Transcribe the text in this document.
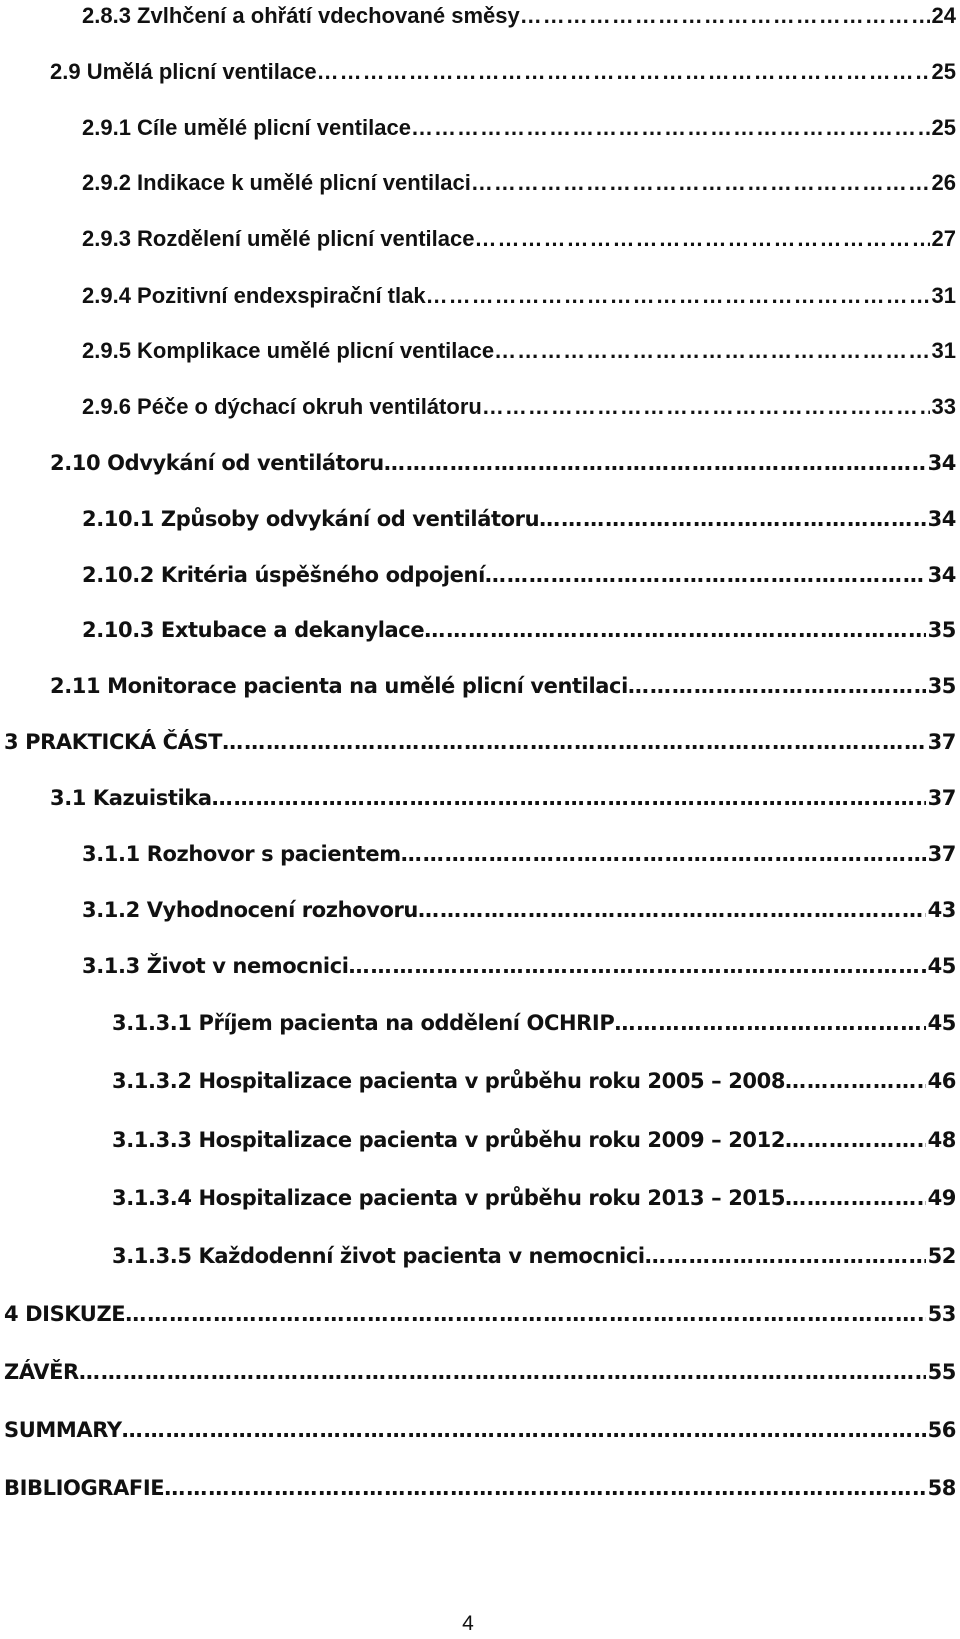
2.8.3 Zvlhčení a ohřátí vdechované směsy …………………………………………………………………………………………………………………………………………………………………………	24
2.9 Umělá plicní ventilace …………………………………………………………………………………………………………………………………………………………………………	25
2.9.1 Cíle umělé plicní ventilace …………………………………………………………………………………………………………………………………………………………………………	25
2.9.2 Indikace k umělé plicní ventilaci …………………………………………………………………………………………………………………………………………………………………………	26
2.9.3 Rozdělení umělé plicní ventilace …………………………………………………………………………………………………………………………………………………………………………	27
2.9.4 Pozitivní endexspirační tlak …………………………………………………………………………………………………………………………………………………………………………	31
2.9.5 Komplikace umělé plicní ventilace …………………………………………………………………………………………………………………………………………………………………………	31
2.9.6 Péče o dýchací okruh ventilátoru …………………………………………………………………………………………………………………………………………………………………………	33
2.10 Odvykání od ventilátoru …………………………………………………………………………………………………………………………………………………………………………	34
2.10.1 Způsoby odvykání od ventilátoru …………………………………………………………………………………………………………………………………………………………………………	34
2.10.2 Kritéria úspěšného odpojení …………………………………………………………………………………………………………………………………………………………………………	34
2.10.3 Extubace a dekanylace …………………………………………………………………………………………………………………………………………………………………………	35
2.11 Monitorace pacienta na umělé plicní ventilaci …………………………………………………………………………………………………………………………………………………………………………	35
3 PRAKTICKÁ ČÁST …………………………………………………………………………………………………………………………………………………………………………	37
3.1 Kazuistika …………………………………………………………………………………………………………………………………………………………………………	37
3.1.1 Rozhovor s pacientem …………………………………………………………………………………………………………………………………………………………………………	37
3.1.2 Vyhodnocení rozhovoru …………………………………………………………………………………………………………………………………………………………………………	43
3.1.3 Život v nemocnici …………………………………………………………………………………………………………………………………………………………………………	45
3.1.3.1 Příjem pacienta na oddělení OCHRIP …………………………………………………………………………………………………………………………………………………………………………	45
3.1.3.2 Hospitalizace pacienta v průběhu roku 2005 – 2008 …………………………………………………………………………………………………………………………………………………………………………	46
3.1.3.3 Hospitalizace pacienta v průběhu roku 2009 – 2012 …………………………………………………………………………………………………………………………………………………………………………	48
3.1.3.4 Hospitalizace pacienta v průběhu roku 2013 – 2015 …………………………………………………………………………………………………………………………………………………………………………	49
3.1.3.5 Každodenní život pacienta v nemocnici …………………………………………………………………………………………………………………………………………………………………………	52
4 DISKUZE …………………………………………………………………………………………………………………………………………………………………………	53
ZÁVĚR …………………………………………………………………………………………………………………………………………………………………………	55
SUMMARY …………………………………………………………………………………………………………………………………………………………………………	56
BIBLIOGRAFIE …………………………………………………………………………………………………………………………………………………………………………	58
4
